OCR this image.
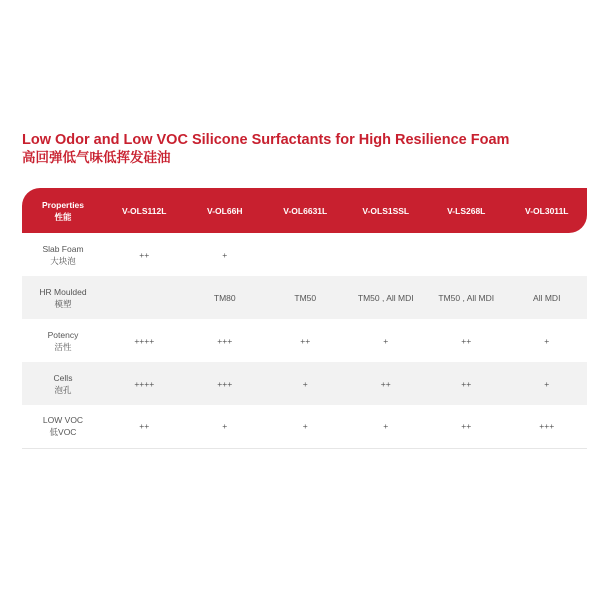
Low Odor and Low VOC Silicone Surfactants for High Resilience Foam
高回弹低气味低挥发硅油
Properties
性能	V-OLS112L	V-OL66H	V-OL6631L	V-OLS1SSL	V-LS268L	V-OL3011L

Slab Foam
大块泡	++	+				

HR Moulded
模塑		TM80	TM50	TM50 , All MDI	TM50 , All MDI	All MDI

Potency
活性	++++	+++	++	+	++	+

Cells
泡孔	++++	+++	+	++	++	+

LOW VOC
低VOC	++	+	+	+	++	+++
